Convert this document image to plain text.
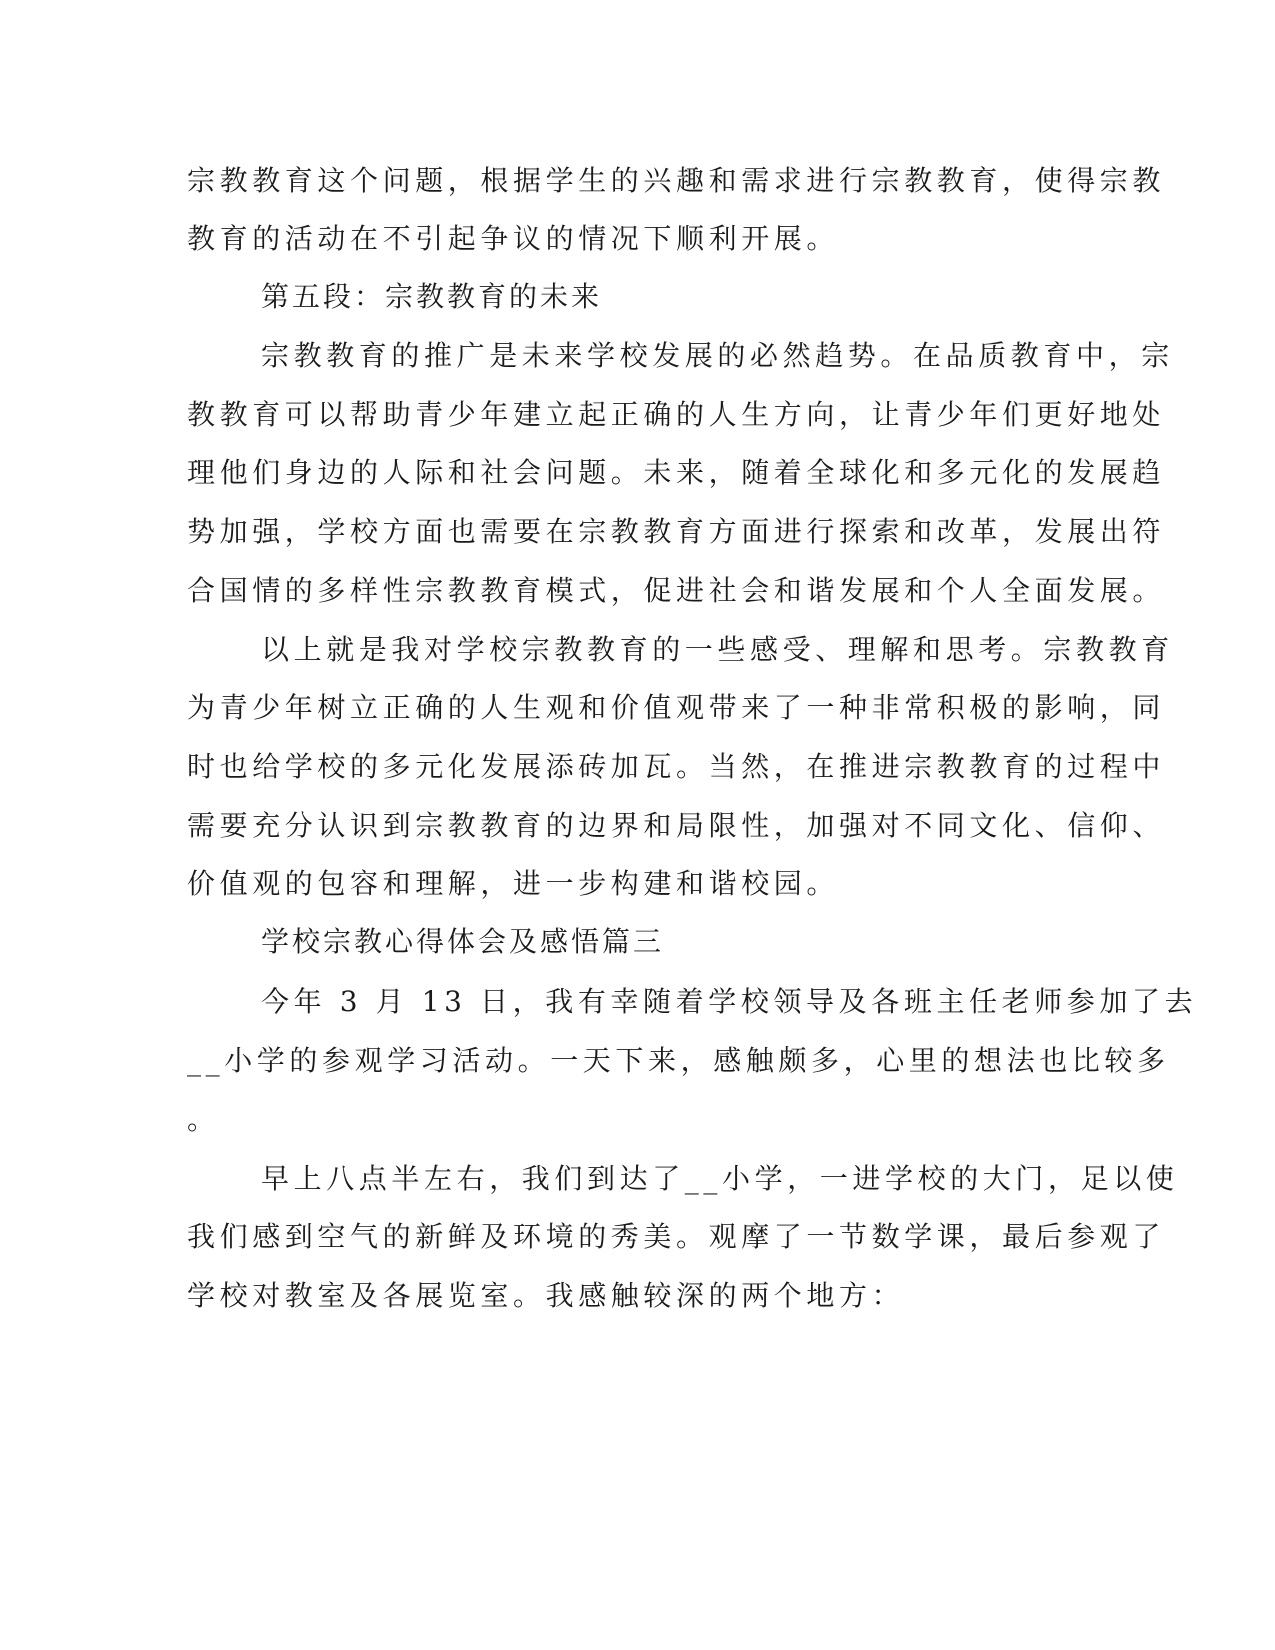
宗教教育这个问题，根据学生的兴趣和需求进行宗教教育，使得宗教
教育的活动在不引起争议的情况下顺利开展。
第五段：宗教教育的未来
宗教教育的推广是未来学校发展的必然趋势。在品质教育中，宗
教教育可以帮助青少年建立起正确的人生方向，让青少年们更好地处
理他们身边的人际和社会问题。未来，随着全球化和多元化的发展趋
势加强，学校方面也需要在宗教教育方面进行探索和改革，发展出符
合国情的多样性宗教教育模式，促进社会和谐发展和个人全面发展。
以上就是我对学校宗教教育的一些感受、理解和思考。宗教教育
为青少年树立正确的人生观和价值观带来了一种非常积极的影响，同
时也给学校的多元化发展添砖加瓦。当然，在推进宗教教育的过程中
需要充分认识到宗教教育的边界和局限性，加强对不同文化、信仰、
价值观的包容和理解，进一步构建和谐校园。
学校宗教心得体会及感悟篇三
今年 3 月 13 日，我有幸随着学校领导及各班主任老师参加了去
__小学的参观学习活动。一天下来，感触颇多，心里的想法也比较多
。
早上八点半左右，我们到达了__小学，一进学校的大门，足以使
我们感到空气的新鲜及环境的秀美。观摩了一节数学课，最后参观了
学校对教室及各展览室。我感触较深的两个地方：
